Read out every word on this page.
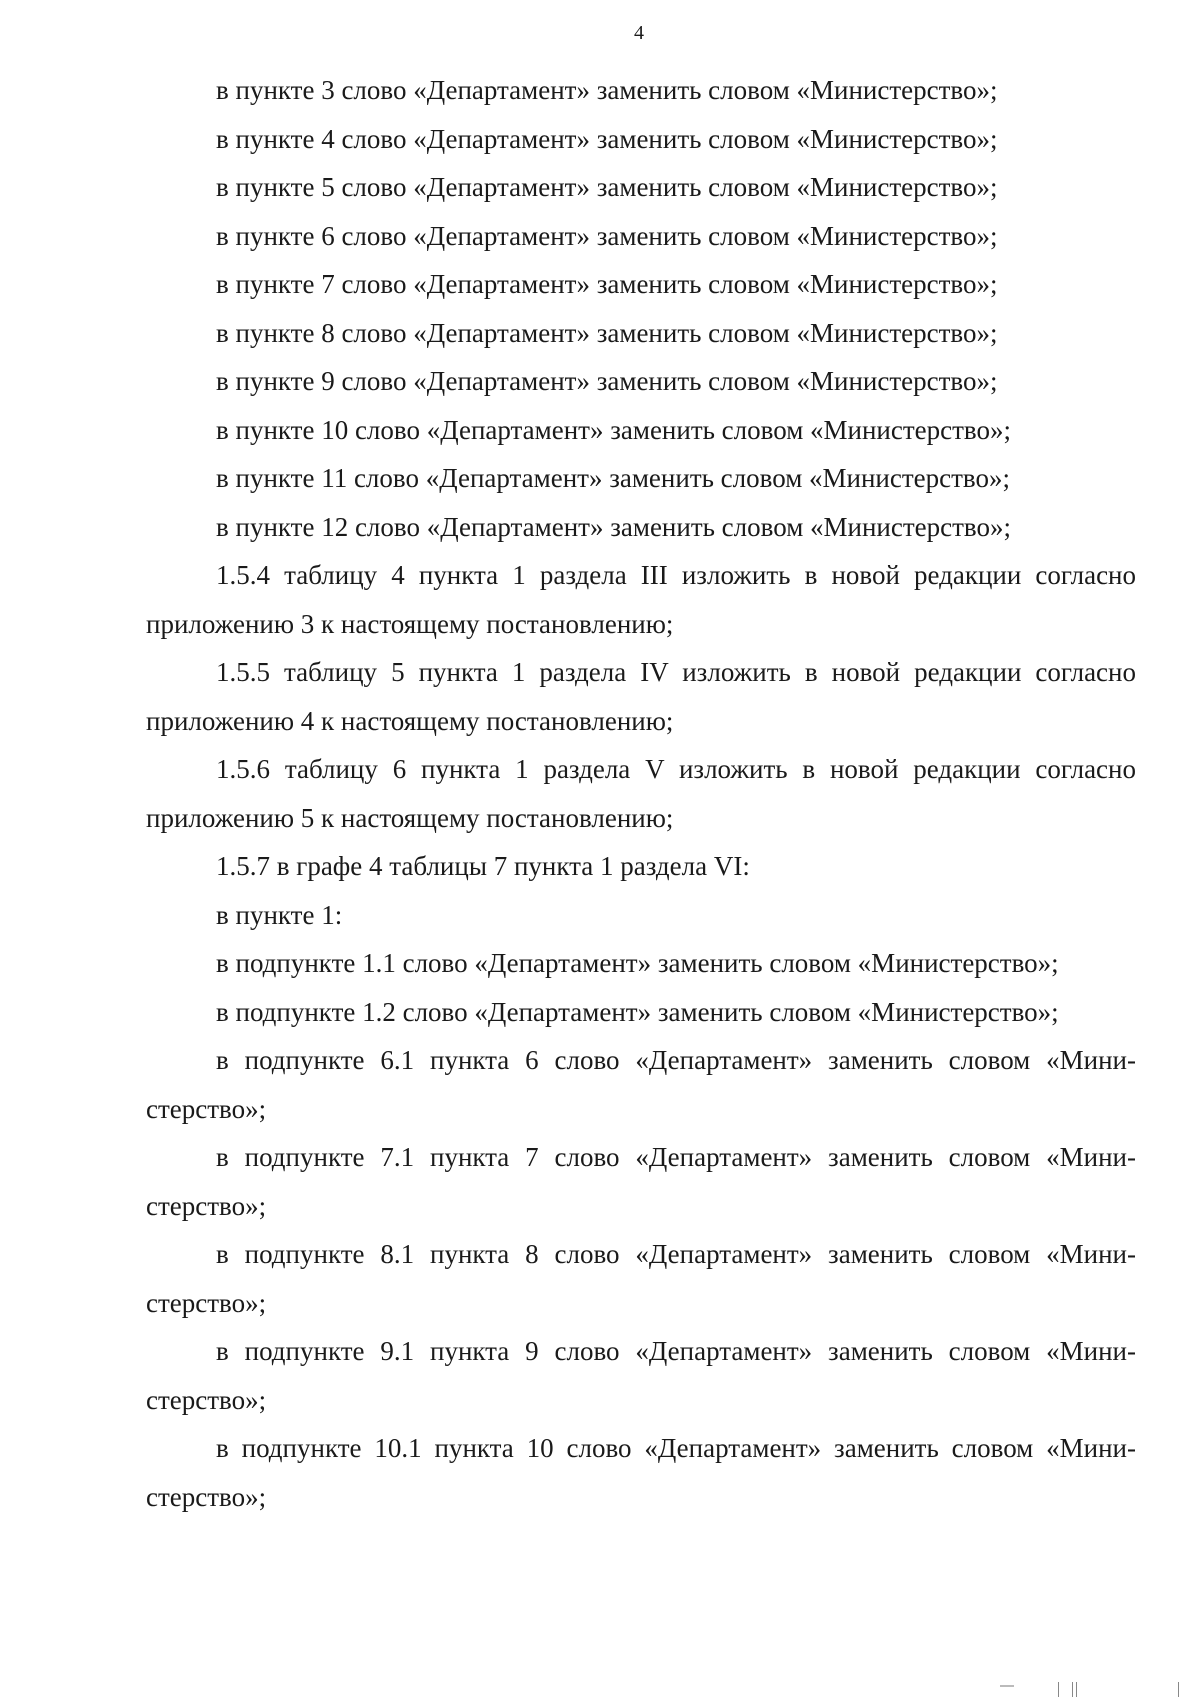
4

в пункте 3 слово «Департамент» заменить словом «Министерство»;

в пункте 4 слово «Департамент» заменить словом «Министерство»;

в пункте 5 слово «Департамент» заменить словом «Министерство»;

в пункте 6 слово «Департамент» заменить словом «Министерство»;

в пункте 7 слово «Департамент» заменить словом «Министерство»;

в пункте 8 слово «Департамент» заменить словом «Министерство»;

в пункте 9 слово «Департамент» заменить словом «Министерство»;

в пункте 10 слово «Департамент» заменить словом «Министерство»;

в пункте 11 слово «Департамент» заменить словом «Министерство»;

в пункте 12 слово «Департамент» заменить словом «Министерство»;

1.5.4 таблицу 4 пункта 1 раздела III изложить в новой редакции согласно

приложению 3 к настоящему постановлению;

1.5.5 таблицу 5 пункта 1 раздела IV изложить в новой редакции согласно

приложению 4 к настоящему постановлению;

1.5.6 таблицу 6 пункта 1 раздела V изложить в новой редакции согласно

приложению 5 к настоящему постановлению;

1.5.7 в графе 4 таблицы 7 пункта 1 раздела VI:

в пункте 1:

в подпункте 1.1 слово «Департамент» заменить словом «Министерство»;

в подпункте 1.2 слово «Департамент» заменить словом «Министерство»;

в подпункте 6.1 пункта 6 слово «Департамент» заменить словом «Мини-

стерство»;

в подпункте 7.1 пункта 7 слово «Департамент» заменить словом «Мини-

стерство»;

в подпункте 8.1 пункта 8 слово «Департамент» заменить словом «Мини-

стерство»;

в подпункте 9.1 пункта 9 слово «Департамент» заменить словом «Мини-

стерство»;

в подпункте 10.1 пункта 10 слово «Департамент» заменить словом «Мини-

стерство»;
